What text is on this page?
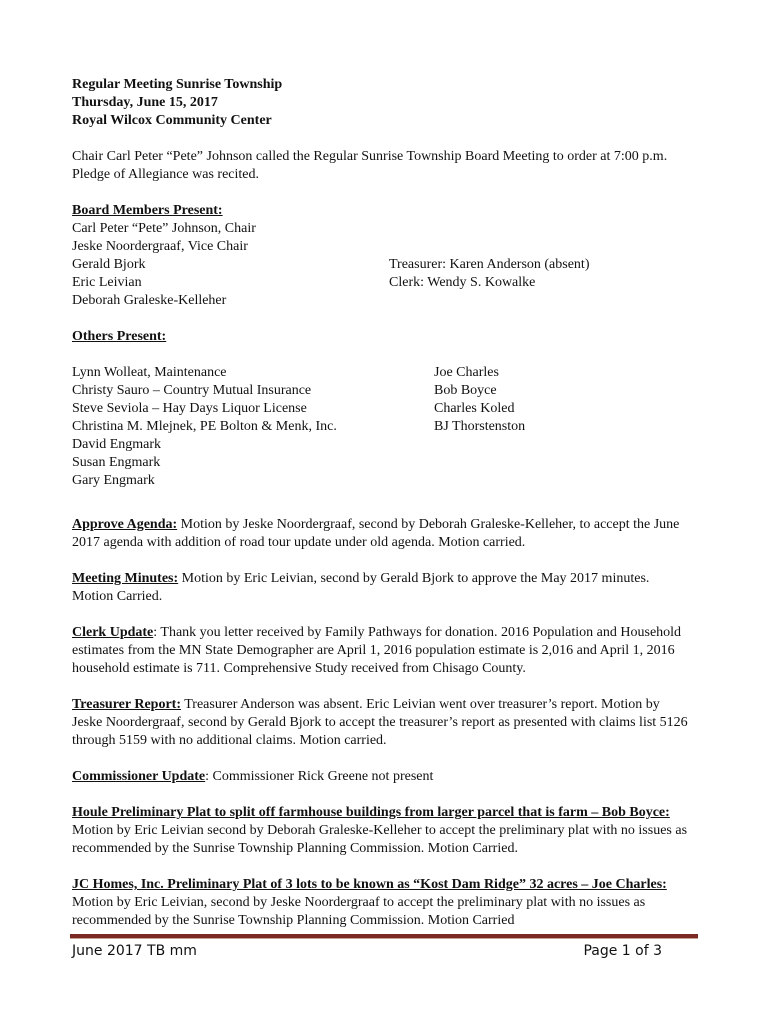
Regular Meeting Sunrise Township

Thursday, June 15, 2017

Royal Wilcox Community Center

Chair Carl Peter “Pete” Johnson called the Regular Sunrise Township Board Meeting to order at 7:00 p.m. Pledge of Allegiance was recited.

Board Members Present:

Carl Peter “Pete” Johnson, Chair

Jeske Noordergraaf, Vice Chair

Gerald Bjork

Eric Leivian

Deborah Graleske-Kelleher

Treasurer: Karen Anderson (absent)

Clerk: Wendy S. Kowalke

Others Present:

Lynn Wolleat, Maintenance

Christy Sauro – Country Mutual Insurance

Steve Seviola – Hay Days Liquor License

Christina M. Mlejnek, PE Bolton & Menk, Inc.

David Engmark

Susan Engmark

Gary Engmark

Joe Charles

Bob Boyce

Charles Koled

BJ Thorstenston

Approve Agenda: Motion by Jeske Noordergraaf, second by Deborah Graleske-Kelleher, to accept the June 2017 agenda with addition of road tour update under old agenda. Motion carried.

Meeting Minutes: Motion by Eric Leivian, second by Gerald Bjork to approve the May 2017 minutes. Motion Carried.

Clerk Update: Thank you letter received by Family Pathways for donation. 2016 Population and Household estimates from the MN State Demographer are April 1, 2016 population estimate is 2,016 and April 1, 2016 household estimate is 711. Comprehensive Study received from Chisago County.

Treasurer Report: Treasurer Anderson was absent. Eric Leivian went over treasurer’s report. Motion by Jeske Noordergraaf, second by Gerald Bjork to accept the treasurer’s report as presented with claims list 5126 through 5159 with no additional claims. Motion carried.

Commissioner Update: Commissioner Rick Greene not present

Houle Preliminary Plat to split off farmhouse buildings from larger parcel that is farm – Bob Boyce: Motion by Eric Leivian second by Deborah Graleske-Kelleher to accept the preliminary plat with no issues as recommended by the Sunrise Township Planning Commission. Motion Carried.

JC Homes, Inc. Preliminary Plat of 3 lots to be known as “Kost Dam Ridge” 32 acres – Joe Charles: Motion by Eric Leivian, second by Jeske Noordergraaf to accept the preliminary plat with no issues as recommended by the Sunrise Township Planning Commission. Motion Carried

June 2017 TB mm	Page 1 of 3
